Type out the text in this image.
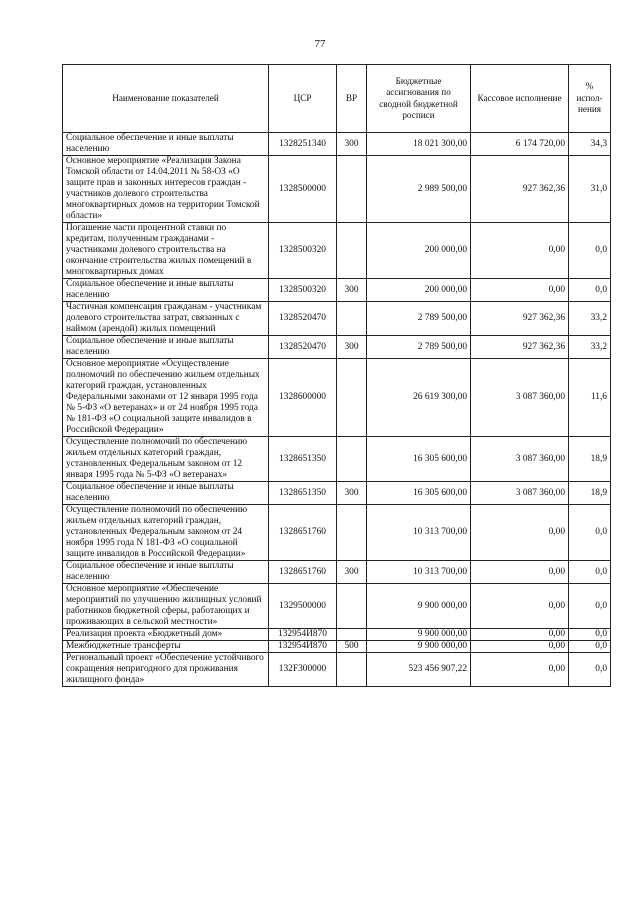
77
Наименование показателей	ЦСР	ВР	Бюджетные ассигнования по сводной бюджетной росписи	Кассовое исполнение	% испол-нения
Социальное обеспечение и иные выплаты населению	1328251340	300	18 021 300,00	6 174 720,00	34,3
Основное мероприятие «Реализация Закона Томской области от 14.04.2011 № 58-ОЗ «О защите прав и законных интересов граждан - участников долевого строительства многоквартирных домов на территории Томской области»	1328500000		2 989 500,00	927 362,36	31,0
Погашение части процентной ставки по кредитам, полученным гражданами - участниками долевого строительства на окончание строительства жилых помещений в многоквартирных домах	1328500320		200 000,00	0,00	0,0
Социальное обеспечение и иные выплаты населению	1328500320	300	200 000,00	0,00	0,0
Частичная компенсация гражданам - участникам долевого строительства затрат, связанных с наймом (арендой) жилых помещений	1328520470		2 789 500,00	927 362,36	33,2
Социальное обеспечение и иные выплаты населению	1328520470	300	2 789 500,00	927 362,36	33,2
Основное мероприятие «Осуществление полномочий по обеспечению жильем отдельных категорий граждан, установленных Федеральными законами от 12 января 1995 года № 5-ФЗ «О ветеранах» и от 24 ноября 1995 года № 181-ФЗ «О социальной защите инвалидов в Российской Федерации»	1328600000		26 619 300,00	3 087 360,00	11,6
Осуществление полномочий по обеспечению жильем отдельных категорий граждан, установленных Федеральным законом от 12 января 1995 года № 5-ФЗ «О ветеранах»	1328651350		16 305 600,00	3 087 360,00	18,9
Социальное обеспечение и иные выплаты населению	1328651350	300	16 305 600,00	3 087 360,00	18,9
Осуществление полномочий по обеспечению жильем отдельных категорий граждан, установленных Федеральным законом от 24 ноября 1995 года N 181-ФЗ «О социальной защите инвалидов в Российской Федерации»	1328651760		10 313 700,00	0,00	0,0
Социальное обеспечение и иные выплаты населению	1328651760	300	10 313 700,00	0,00	0,0
Основное мероприятие «Обеспечение мероприятий по улучшению жилищных условий работников бюджетной сферы, работающих и проживающих в сельской местности»	1329500000		9 900 000,00	0,00	0,0
Реализация проекта «Бюджетный дом»	132954И870		9 900 000,00	0,00	0,0
Межбюджетные трансферты	132954И870	500	9 900 000,00	0,00	0,0
Региональный проект «Обеспечение устойчивого сокращения непригодного для проживания жилищного фонда»	132F300000		523 456 907,22	0,00	0,0
